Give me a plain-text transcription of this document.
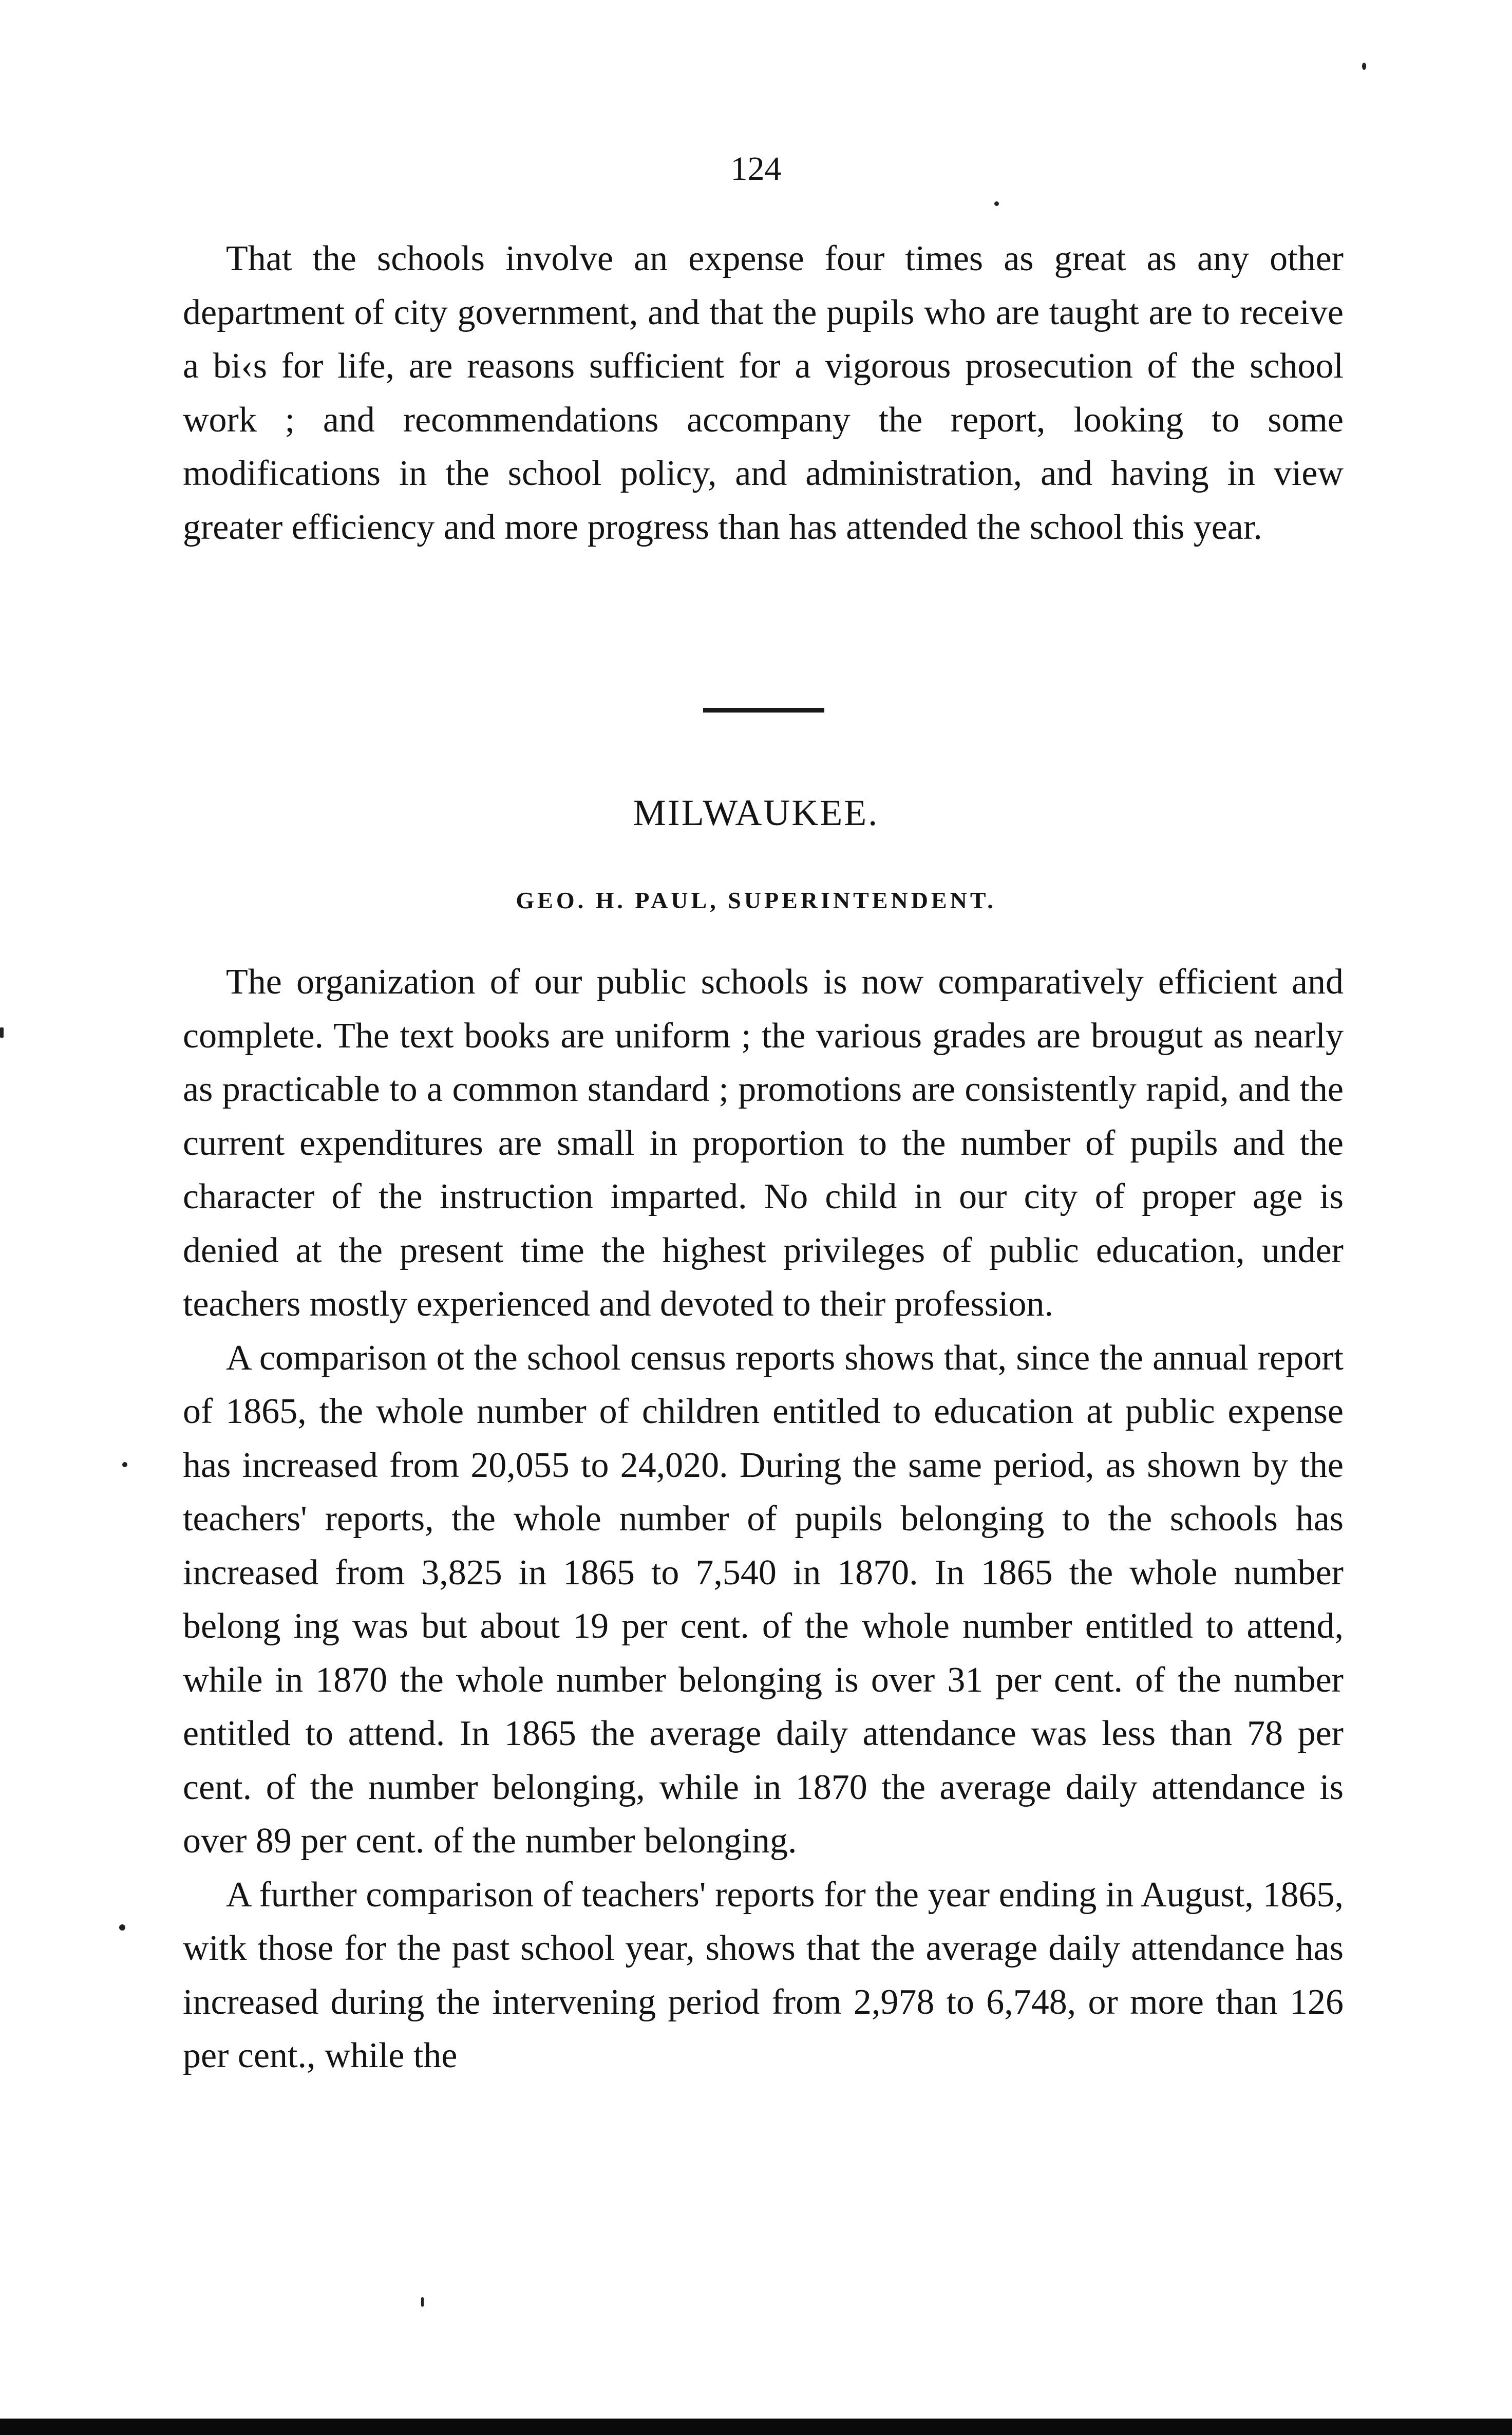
124

That the schools involve an expense four times as great as any other department of city government, and that the pupils who are taught are to receive a bi‹s for life, are reasons sufficient for a vigorous prosecution of the school work ; and recommendations accompany the report, looking to some modifications in the school policy, and administration, and having in view greater efficiency and more progress than has attended the school this year.

MILWAUKEE.
GEO. H. PAUL, SUPERINTENDENT.

The organization of our public schools is now comparatively efficient and complete. The text books are uniform ; the various grades are brougut as nearly as practicable to a common standard ; promotions are consistently rapid, and the current expenditures are small in proportion to the number of pupils and the character of the instruction imparted. No child in our city of proper age is denied at the present time the highest privileges of public education, under teachers mostly experienced and devoted to their profession.

A comparison ot the school census reports shows that, since the annual report of 1865, the whole number of children entitled to education at public expense has increased from 20,055 to 24,020. During the same period, as shown by the teachers' reports, the whole number of pupils belonging to the schools has increased from 3,825 in 1865 to 7,540 in 1870. In 1865 the whole number belong ing was but about 19 per cent. of the whole number entitled to attend, while in 1870 the whole number belonging is over 31 per cent. of the number entitled to attend. In 1865 the average daily attendance was less than 78 per cent. of the number belonging, while in 1870 the average daily attendance is over 89 per cent. of the number belonging.

A further comparison of teachers' reports for the year ending in August, 1865, witk those for the past school year, shows that the average daily attendance has increased during the intervening period from 2,978 to 6,748, or more than 126 per cent., while the
